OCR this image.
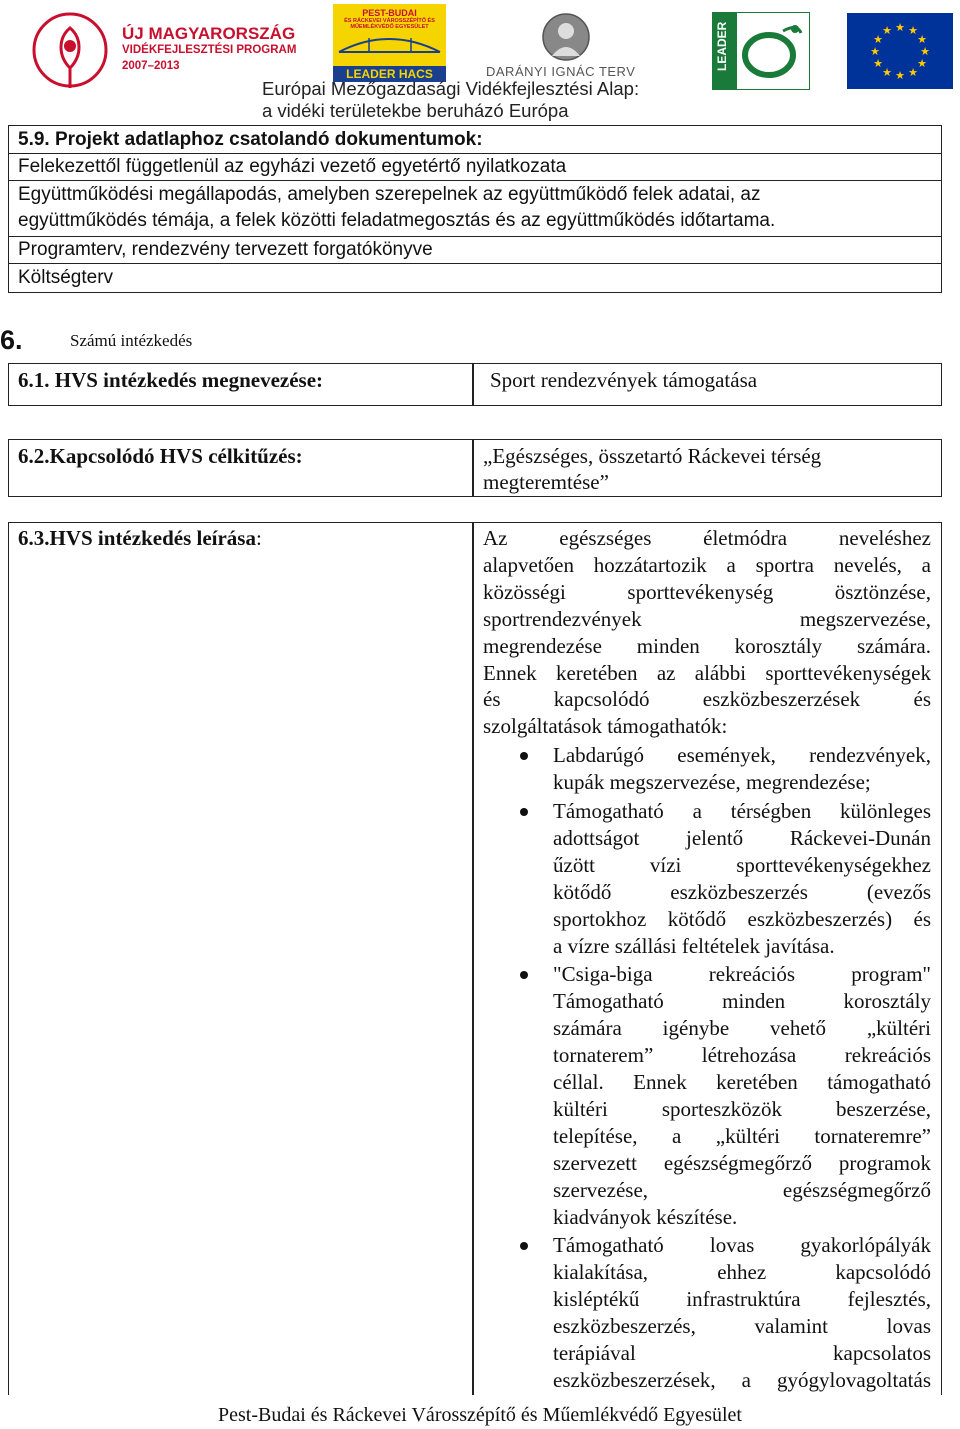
ÚJ MAGYARORSZÁG
VIDÉKFEJLESZTÉSI PROGRAM
2007–2013
PEST-BUDAI
ÉS RÁCKEVEI VÁROSSZÉPÍTŐ ÉS
MŰEMLÉKVÉDŐ EGYESÜLET
LEADER HACS	DARÁNYI IGNÁC TERV
LEADER	★ ★
★
★
★
★
★
★
★
★
★
★
Európai Mezőgazdasági Vidékfejlesztési Alap:
a vidéki területekbe beruházó Európa
5.9. Projekt adatlaphoz csatolandó dokumentumok:
Felekezettől függetlenül az egyházi vezető egyetértő nyilatkozata
Együttműködési megállapodás, amelyben szerepelnek az együttműködő felek adatai, az
együttműködés témája, a felek közötti feladatmegosztás és az együttműködés időtartama.
Programterv, rendezvény tervezett forgatókönyve
Költségterv
6.	Számú intézkedés
6.1. HVS intézkedés megnevezése:	Sport rendezvények támogatása
6.2.Kapcsolódó HVS célkitűzés:	„Egészséges, összetartó Ráckevei térség
megteremtése”
6.3.HVS intézkedés leírása:	Az egészséges életmódra neveléshez
alapvetően hozzátartozik a sportra nevelés, a
közösségi sporttevékenység ösztönzése,
sportrendezvények megszervezése,
megrendezése minden korosztály számára.
Ennek keretében az alábbi sporttevékenységek
és kapcsolódó eszközbeszerzések és
szolgáltatások támogathatók:
Labdarúgó események, rendezvények,
kupák megszervezése, megrendezése;
Támogatható a térségben különleges
adottságot jelentő Ráckevei-Dunán
űzött vízi sporttevékenységekhez
kötődő eszközbeszerzés (evezős
sportokhoz kötődő eszközbeszerzés) és
a vízre szállási feltételek javítása.
"Csiga-biga rekreációs program"
Támogatható minden korosztály
számára igénybe vehető „kültéri
tornaterem” létrehozása rekreációs
céllal. Ennek keretében támogatható
kültéri sporteszközök beszerzése,
telepítése, a „kültéri tornateremre”
szervezett egészségmegőrző programok
szervezése, egészségmegőrző
kiadványok készítése.
Támogatható lovas gyakorlópályák
kialakítása, ehhez kapcsolódó
kisléptékű infrastruktúra fejlesztés,
eszközbeszerzés, valamint lovas
terápiával kapcsolatos
eszközbeszerzések, a gyógylovagoltatás
Pest-Budai és Ráckevei Városszépítő és Műemlékvédő Egyesület
